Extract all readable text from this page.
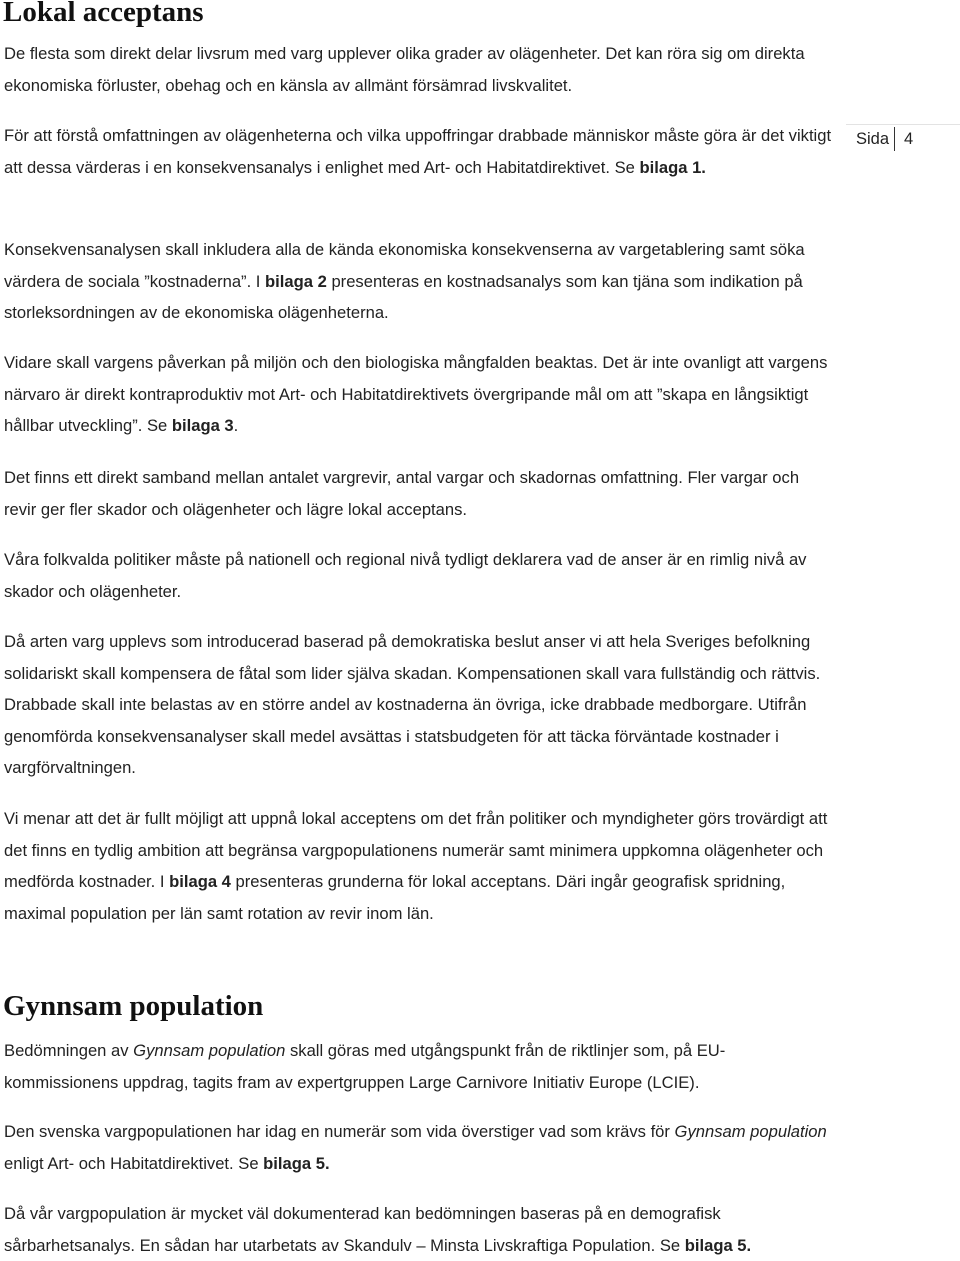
Lokal acceptans
Sida 4

De flesta som direkt delar livsrum med varg upplever olika grader av olägenheter. Det kan röra sig om direkta ekonomiska förluster, obehag och en känsla av allmänt försämrad livskvalitet.

För att förstå omfattningen av olägenheterna och vilka uppoffringar drabbade människor måste göra är det viktigt att dessa värderas i en konsekvensanalys i enlighet med Art- och Habitatdirektivet. Se bilaga 1.

Konsekvensanalysen skall inkludera alla de kända ekonomiska konsekvenserna av vargetablering samt söka värdera de sociala ”kostnaderna”. I bilaga 2 presenteras en kostnadsanalys som kan tjäna som indikation på storleksordningen av de ekonomiska olägenheterna.

Vidare skall vargens påverkan på miljön och den biologiska mångfalden beaktas. Det är inte ovanligt att vargens närvaro är direkt kontraproduktiv mot Art- och Habitatdirektivets övergripande mål om att ”skapa en långsiktigt hållbar utveckling”. Se bilaga 3.

Det finns ett direkt samband mellan antalet vargrevir, antal vargar och skadornas omfattning. Fler vargar och revir ger fler skador och olägenheter och lägre lokal acceptans.

Våra folkvalda politiker måste på nationell och regional nivå tydligt deklarera vad de anser är en rimlig nivå av skador och olägenheter.

Då arten varg upplevs som introducerad baserad på demokratiska beslut anser vi att hela Sveriges befolkning solidariskt skall kompensera de fåtal som lider själva skadan. Kompensationen skall vara fullständig och rättvis. Drabbade skall inte belastas av en större andel av kostnaderna än övriga, icke drabbade medborgare. Utifrån genomförda konsekvensanalyser skall medel avsättas i statsbudgeten för att täcka förväntade kostnader i vargförvaltningen.

Vi menar att det är fullt möjligt att uppnå lokal acceptens om det från politiker och myndigheter görs trovärdigt att det finns en tydlig ambition att begränsa vargpopulationens numerär samt minimera uppkomna olägenheter och medförda kostnader. I bilaga 4 presenteras grunderna för lokal acceptans. Däri ingår geografisk spridning, maximal population per län samt rotation av revir inom län.

Gynnsam population

Bedömningen av Gynnsam population skall göras med utgångspunkt från de riktlinjer som, på EU-kommissionens uppdrag, tagits fram av expertgruppen Large Carnivore Initiativ Europe (LCIE).

Den svenska vargpopulationen har idag en numerär som vida överstiger vad som krävs för Gynnsam population enligt Art- och Habitatdirektivet. Se bilaga 5.

Då vår vargpopulation är mycket väl dokumenterad kan bedömningen baseras på en demografisk sårbarhetsanalys. En sådan har utarbetats av Skandulv – Minsta Livskraftiga Population. Se bilaga 5.
